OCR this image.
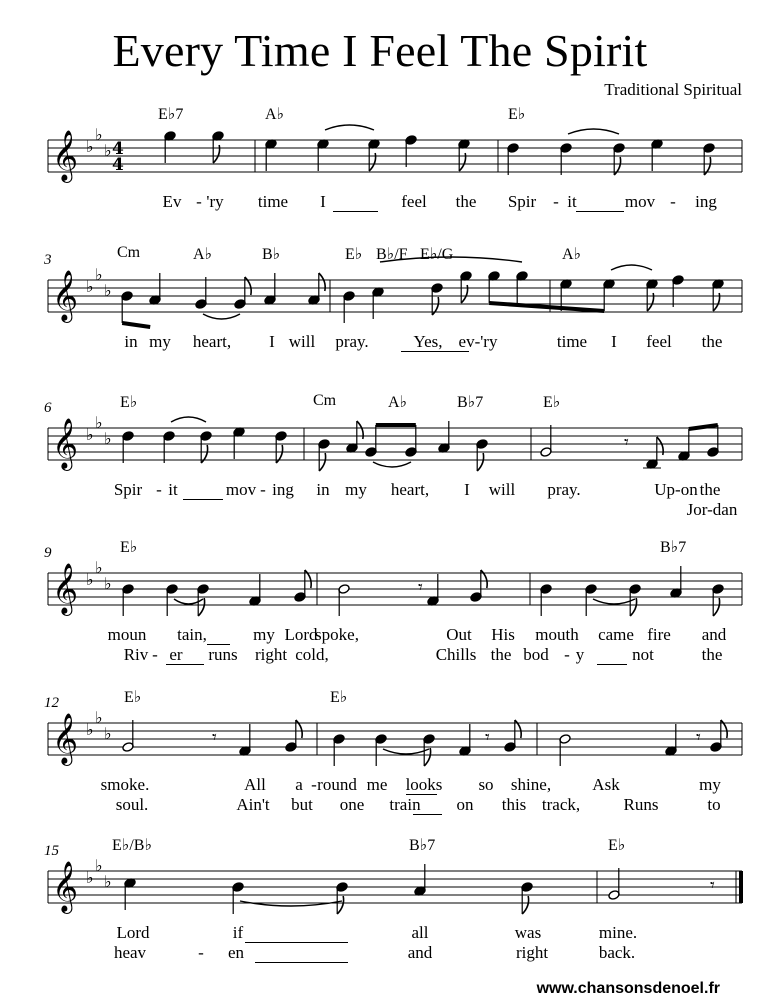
Every Time I Feel The Spirit
Traditional Spiritual
E♭7	A♭	E♭
𝄞 ♭
♭
♭ 4
4
Ev - 'ry time I	feel the Spir - it	mov - ing
3	Cm	A♭	B♭	E♭ B♭/F E♭/G	A♭
𝄞 ♭
♭
♭
in my heart, I will pray.	Yes, ev-'ry	time I feel the
6	E♭	Cm	A♭	B♭7	E♭
𝄞 ♭
♭
♭	𝄾
Spir - it	mov - ing in my heart, I will pray.	Up-on the
Jor-dan
9	E♭	B♭7
𝄞 ♭
♭
♭	𝄾
moun tain,	my Lord
spoke,	Out His mouth came fire and
Riv - er runs right cold,	Chills the bod - y	not	the
12	E♭	E♭
𝄞 ♭
♭
♭	𝄾	𝄾	𝄾
smoke.	All a - round me looks so shine, Ask	my
soul.	Ain't but one train on this track,	Runs	to
15	E♭/B♭	B♭7	E♭
𝄞 ♭
♭
♭	𝄾
Lord	if	all	was	mine.
heav	- en	and	right	back.
www.chansonsdenoel.fr
